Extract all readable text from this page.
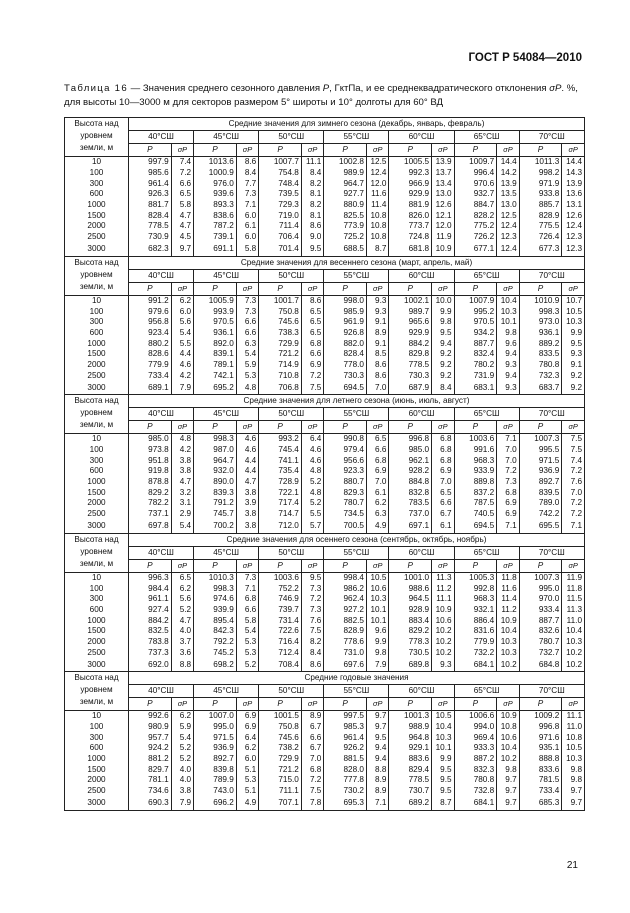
ГОСТ Р 54084—2010
Таблица 16 — Значения среднего сезонного давления P, ГктПа, и ее среднеквадратического отклонения σP. %, для высоты 10—3000 м для секторов размером 5° широты и 10° долготы для 60° ВД
Высота над уровнем земли, м	Средние значения для зимнего сезона (декабрь, январь, февраль)													
	40°СШ		45°СШ		50°СШ		55°СШ		60°СШ		65°СШ		70°СШ	
	P	σP	P	σP	P	σP	P	σP	P	σP	P	σP	P	σP
10	997.9	7.4	1013.6	8.6	1007.7	11.1	1002.8	12.5	1005.5	13.9	1009.7	14.4	1011.3	14.4
100	985.6	7.2	1000.9	8.4	754.8	8.4	989.9	12.4	992.3	13.7	996.4	14.2	998.2	14.3
300	961.4	6.6	976.0	7.7	748.4	8.2	964.7	12.0	966.9	13.4	970.6	13.9	971.9	13.9
600	926.3	6.5	939.6	7.3	739.5	8.1	927.7	11.6	929.9	13.0	932.7	13.5	933.8	13.6
1000	881.7	5.8	893.3	7.1	729.3	8.2	880.9	11.4	881.9	12.6	884.7	13.0	885.7	13.1
1500	828.4	4.7	838.6	6.0	719.0	8.1	825.5	10.8	826.0	12.1	828.2	12.5	828.9	12.6
2000	778.5	4.7	787.2	6.1	711.4	8.6	773.9	10.8	773.7	12.0	775.2	12.4	775.5	12.4
2500	730.9	4.5	739.1	6.0	706.4	9.0	725.2	10.8	724.8	11.9	726.2	12.3	726.4	12.3
3000	682.3	9.7	691.1	5.8	701.4	9.5	688.5	8.7	681.8	10.9	677.1	12.4	677.3	12.3
Высота над уровнем земли, м	Средние значения для весеннего сезона (март, апрель, май)													
	40°СШ		45°СШ		50°СШ		55°СШ		60°СШ		65°СШ		70°СШ	
	P	σP	P	σP	P	σP	P	σP	P	σP	P	σP	P	σP
10	991.2	6.2	1005.9	7.3	1001.7	8.6	998.0	9.3	1002.1	10.0	1007.9	10.4	1010.9	10.7
100	979.6	6.0	993.9	7.3	750.8	6.5	985.9	9.3	989.7	9.9	995.2	10.3	998.3	10.5
300	956.8	5.6	970.5	6.6	745.6	6.5	961.9	9.1	965.6	9.8	970.5	10.1	973.0	10.3
600	923.4	5.4	936.1	6.6	738.3	6.5	926.8	8.9	929.9	9.5	934.2	9.8	936.1	9.9
1000	880.2	5.5	892.0	6.3	729.9	6.8	882.0	9.1	884.2	9.4	887.7	9.6	889.2	9.5
1500	828.6	4.4	839.1	5.4	721.2	6.6	828.4	8.5	829.8	9.2	832.4	9.4	833.5	9.3
2000	779.9	4.6	789.1	5.9	714.9	6.9	778.0	8.6	778.5	9.2	780.2	9.3	780.8	9.1
2500	733.4	4.2	742.1	5.3	710.8	7.2	730.3	8.6	730.3	9.2	731.9	9.4	732.3	9.2
3000	689.1	7.9	695.2	4.8	706.8	7.5	694.5	7.0	687.9	8.4	683.1	9.3	683.7	9.2
Высота над уровнем земли, м	Средние значения для летнего сезона (июнь, июль, август)													
	40°СШ		45°СШ		50°СШ		55°СШ		60°СШ		65°СШ		70°СШ	
	P	σP	P	σP	P	σP	P	σP	P	σP	P	σP	P	σP
10	985.0	4.8	998.3	4.6	993.2	6.4	990.8	6.5	996.8	6.8	1003.6	7.1	1007.3	7.5
100	973.8	4.2	987.0	4.6	745.4	4.6	979.4	6.6	985.0	6.8	991.6	7.0	995.5	7.5
300	951.8	3.8	964.7	4.4	741.1	4.6	956.6	6.8	962.1	6.8	968.3	7.0	971.5	7.4
600	919.8	3.8	932.0	4.4	735.4	4.8	923.3	6.9	928.2	6.9	933.9	7.2	936.9	7.2
1000	878.8	4.7	890.0	4.7	728.9	5.2	880.7	7.0	884.8	7.0	889.8	7.3	892.7	7.6
1500	829.2	3.2	839.3	3.8	722.1	4.8	829.3	6.1	832.8	6.5	837.2	6.8	839.5	7.0
2000	782.2	3.1	791.2	3.9	717.4	5.2	780.7	6.2	783.5	6.6	787.5	6.9	789.0	7.2
2500	737.1	2.9	745.7	3.8	714.7	5.5	734.5	6.3	737.0	6.7	740.5	6.9	742.2	7.2
3000	697.8	5.4	700.2	3.8	712.0	5.7	700.5	4.9	697.1	6.1	694.5	7.1	695.5	7.1
Высота над уровнем земли, м	Средние значения для осеннего сезона (сентябрь, октябрь, ноябрь)													
	40°СШ		45°СШ		50°СШ		55°СШ		60°СШ		65°СШ		70°СШ	
	P	σP	P	σP	P	σP	P	σP	P	σP	P	σP	P	σP
10	996.3	6.5	1010.3	7.3	1003.6	9.5	998.4	10.5	1001.0	11.3	1005.3	11.8	1007.3	11.9
100	984.4	6.2	998.3	7.1	752.2	7.3	986.2	10.6	988.6	11.2	992.8	11.6	995.0	11.8
300	961.1	5.6	974.6	6.8	746.9	7.2	962.4	10.3	964.5	11.1	968.3	11.4	970.0	11.5
600	927.4	5.2	939.9	6.6	739.7	7.3	927.2	10.1	928.9	10.9	932.1	11.2	933.4	11.3
1000	884.2	4.7	895.4	5.8	731.4	7.6	882.5	10.1	883.4	10.6	886.4	10.9	887.7	11.0
1500	832.5	4.0	842.3	5.4	722.6	7.5	828.9	9.6	829.2	10.2	831.6	10.4	832.6	10.4
2000	783.8	3.7	792.2	5.3	716.4	8.2	778.6	9.9	778.3	10.2	779.9	10.3	780.7	10.3
2500	737.3	3.6	745.2	5.3	712.4	8.4	731.0	9.8	730.5	10.2	732.2	10.3	732.7	10.2
3000	692.0	8.8	698.2	5.2	708.4	8.6	697.6	7.9	689.8	9.3	684.1	10.2	684.8	10.2
Высота над уровнем земли, м	Средние годовые значения													
	40°СШ		45°СШ		50°СШ		55°СШ		60°СШ		65°СШ		70°СШ	
	P	σP	P	σP	P	σP	P	σP	P	σP	P	σP	P	σP
10	992.6	6.2	1007.0	6.9	1001.5	8.9	997.5	9.7	1001.3	10.5	1006.6	10.9	1009.2	11.1
100	980.9	5.9	995.0	6.9	750.8	6.7	985.3	9.7	988.9	10.4	994.0	10.8	996.8	11.0
300	957.7	5.4	971.5	6.4	745.6	6.6	961.4	9.5	964.8	10.3	969.4	10.6	971.6	10.8
600	924.2	5.2	936.9	6.2	738.2	6.7	926.2	9.4	929.1	10.1	933.3	10.4	935.1	10.5
1000	881.2	5.2	892.7	6.0	729.9	7.0	881.5	9.4	883.6	9.9	887.2	10.2	888.8	10.3
1500	829.7	4.0	839.8	5.1	721.2	6.8	828.0	8.8	829.4	9.5	832.3	9.8	833.6	9.8
2000	781.1	4.0	789.9	5.3	715.0	7.2	777.8	8.9	778.5	9.5	780.8	9.7	781.5	9.8
2500	734.6	3.8	743.0	5.1	711.1	7.5	730.2	8.9	730.7	9.5	732.8	9.7	733.4	9.7
3000	690.3	7.9	696.2	4.9	707.1	7.8	695.3	7.1	689.2	8.7	684.1	9.7	685.3	9.7
21
